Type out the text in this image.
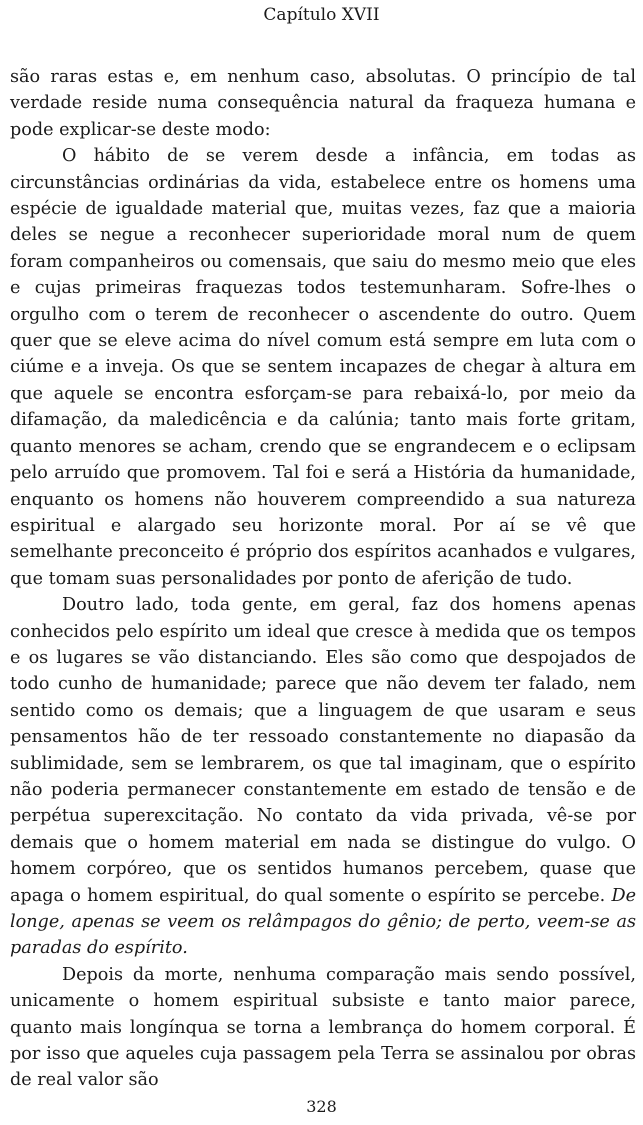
Capítulo XVII

são raras estas e, em nenhum caso, absolutas. O princípio de tal verdade reside numa consequência natural da fraqueza humana e pode explicar-se deste modo:

O hábito de se verem desde a infância, em todas as circunstâncias ordinárias da vida, estabelece entre os homens uma espécie de igualdade material que, muitas vezes, faz que a maioria deles se negue a reconhecer superioridade moral num de quem foram companheiros ou comensais, que saiu do mesmo meio que eles e cujas primeiras fraquezas todos testemunharam. Sofre-lhes o orgulho com o terem de reconhecer o ascendente do outro. Quem quer que se eleve acima do nível comum está sempre em luta com o ciúme e a inveja. Os que se sentem incapazes de chegar à altura em que aquele se encontra esforçam-se para rebaixá-lo, por meio da difamação, da maledicência e da calúnia; tanto mais forte gritam, quanto menores se acham, crendo que se engrandecem e o eclipsam pelo arruído que promovem. Tal foi e será a História da humanidade, enquanto os homens não houverem compreendido a sua natureza espiritual e alargado seu horizonte moral. Por aí se vê que semelhante preconceito é próprio dos espíritos acanhados e vulgares, que tomam suas personalidades por ponto de aferição de tudo.

Doutro lado, toda gente, em geral, faz dos homens apenas conhecidos pelo espírito um ideal que cresce à medida que os tempos e os lugares se vão distanciando. Eles são como que despojados de todo cunho de humanidade; parece que não devem ter falado, nem sentido como os demais; que a linguagem de que usaram e seus pensamentos hão de ter ressoado constantemente no diapasão da sublimidade, sem se lembrarem, os que tal imaginam, que o espírito não poderia permanecer constantemente em estado de tensão e de perpétua superexcitação. No contato da vida privada, vê-se por demais que o homem material em nada se distingue do vulgo. O homem corpóreo, que os sentidos humanos percebem, quase que apaga o homem espiritual, do qual somente o espírito se percebe. De longe, apenas se veem os relâmpagos do gênio; de perto, veem-se as paradas do espírito.

Depois da morte, nenhuma comparação mais sendo possível, unicamente o homem espiritual subsiste e tanto maior parece, quanto mais longínqua se torna a lembrança do homem corporal. É por isso que aqueles cuja passagem pela Terra se assinalou por obras de real valor são

328
